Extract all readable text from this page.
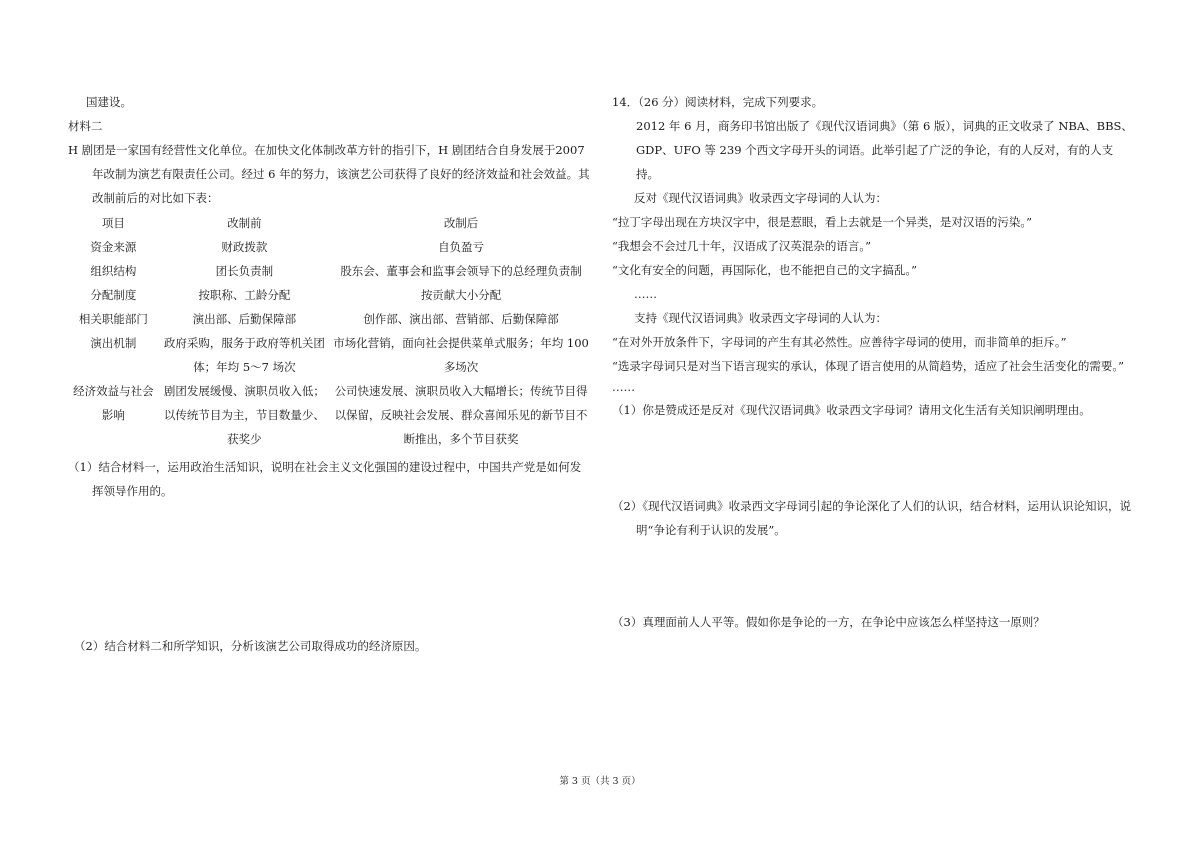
国建设。

材料二

H 剧团是一家国有经营性文化单位。在加快文化体制改革方针的指引下，H 剧团结合自身发展于2007 年改制为演艺有限责任公司。经过 6 年的努力，该演艺公司获得了良好的经济效益和社会效益。其改制前后的对比如下表：

项目	改制前	改制后
资金来源	财政拨款	自负盈亏
组织结构	团长负责制	股东会、董事会和监事会领导下的总经理负责制
分配制度	按职称、工龄分配	按贡献大小分配
相关职能部门	演出部、后勤保障部	创作部、演出部、营销部、后勤保障部
演出机制	政府采购，服务于政府等机关团体；年均 5～7 场次	市场化营销，面向社会提供菜单式服务；年均 100 多场次
经济效益与社会影响	剧团发展缓慢、演职员收入低；以传统节目为主，节目数量少、获奖少	公司快速发展、演职员收入大幅增长；传统节目得以保留，反映社会发展、群众喜闻乐见的新节目不断推出，多个节目获奖

（1）结合材料一，运用政治生活知识，说明在社会主义文化强国的建设过程中，中国共产党是如何发挥领导作用的。

（2）结合材料二和所学知识，分析该演艺公司取得成功的经济原因。

14．（26 分）阅读材料，完成下列要求。

2012 年 6 月，商务印书馆出版了《现代汉语词典》（第 6 版），词典的正文收录了 NBA、BBS、GDP、UFO 等 239 个西文字母开头的词语。此举引起了广泛的争论，有的人反对，有的人支持。

反对《现代汉语词典》收录西文字母词的人认为：

“拉丁字母出现在方块汉字中，很是惹眼，看上去就是一个异类，是对汉语的污染。”

“我想会不会过几十年，汉语成了汉英混杂的语言。”

“文化有安全的问题，再国际化，也不能把自己的文字搞乱。”

……

支持《现代汉语词典》收录西文字母词的人认为：

“在对外开放条件下，字母词的产生有其必然性。应善待字母词的使用，而非简单的拒斥。”

“选录字母词只是对当下语言现实的承认，体现了语言使用的从简趋势，适应了社会生活变化的需要。”

……

（1）你是赞成还是反对《现代汉语词典》收录西文字母词？请用文化生活有关知识阐明理由。

（2）《现代汉语词典》收录西文字母词引起的争论深化了人们的认识，结合材料，运用认识论知识，说明“争论有利于认识的发展”。

（3）真理面前人人平等。假如你是争论的一方，在争论中应该怎么样坚持这一原则？

第 3 页（共 3 页）
